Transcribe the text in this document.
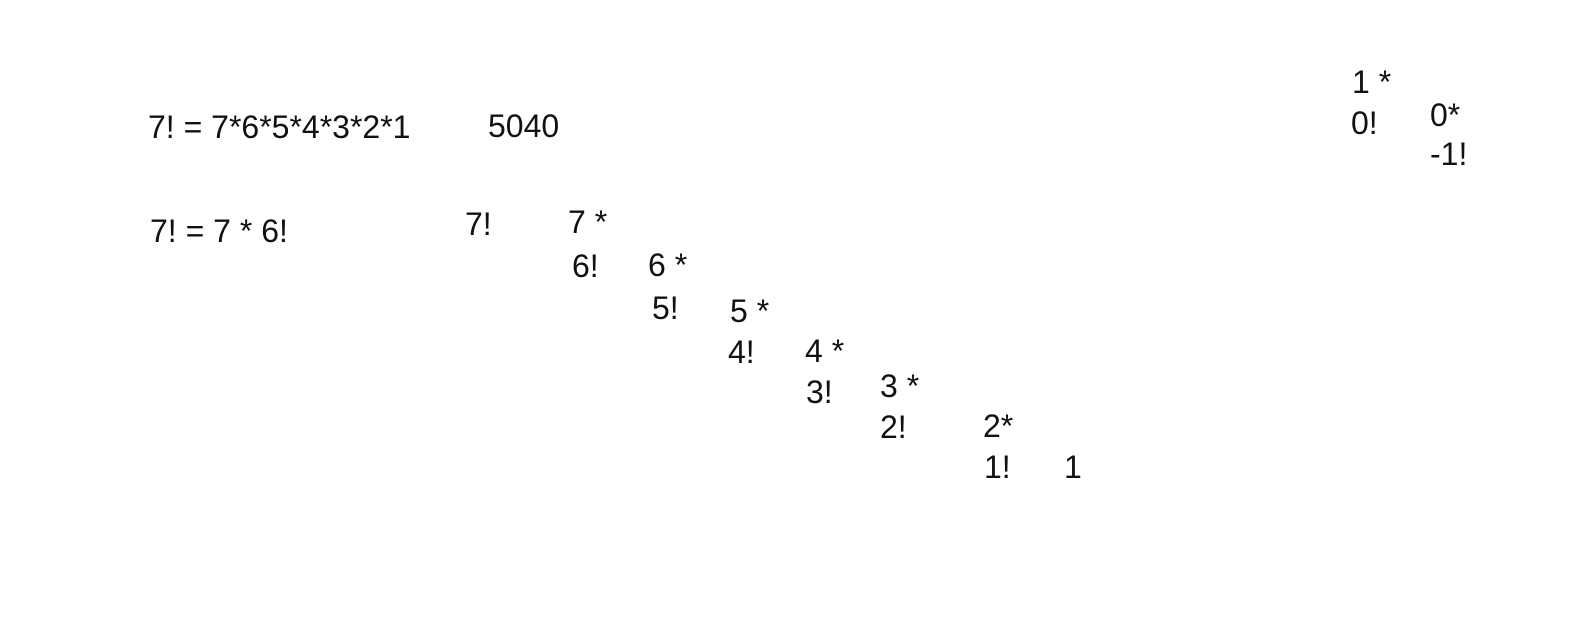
7! = 7*6*5*4*3*2*1 5040
7! = 7 * 6!	7! 7 *
6! 6 *
5! 5 *
4! 4 *
3! 3 *
2! 2*
1! 1
1 *
0! 0*
-1!
